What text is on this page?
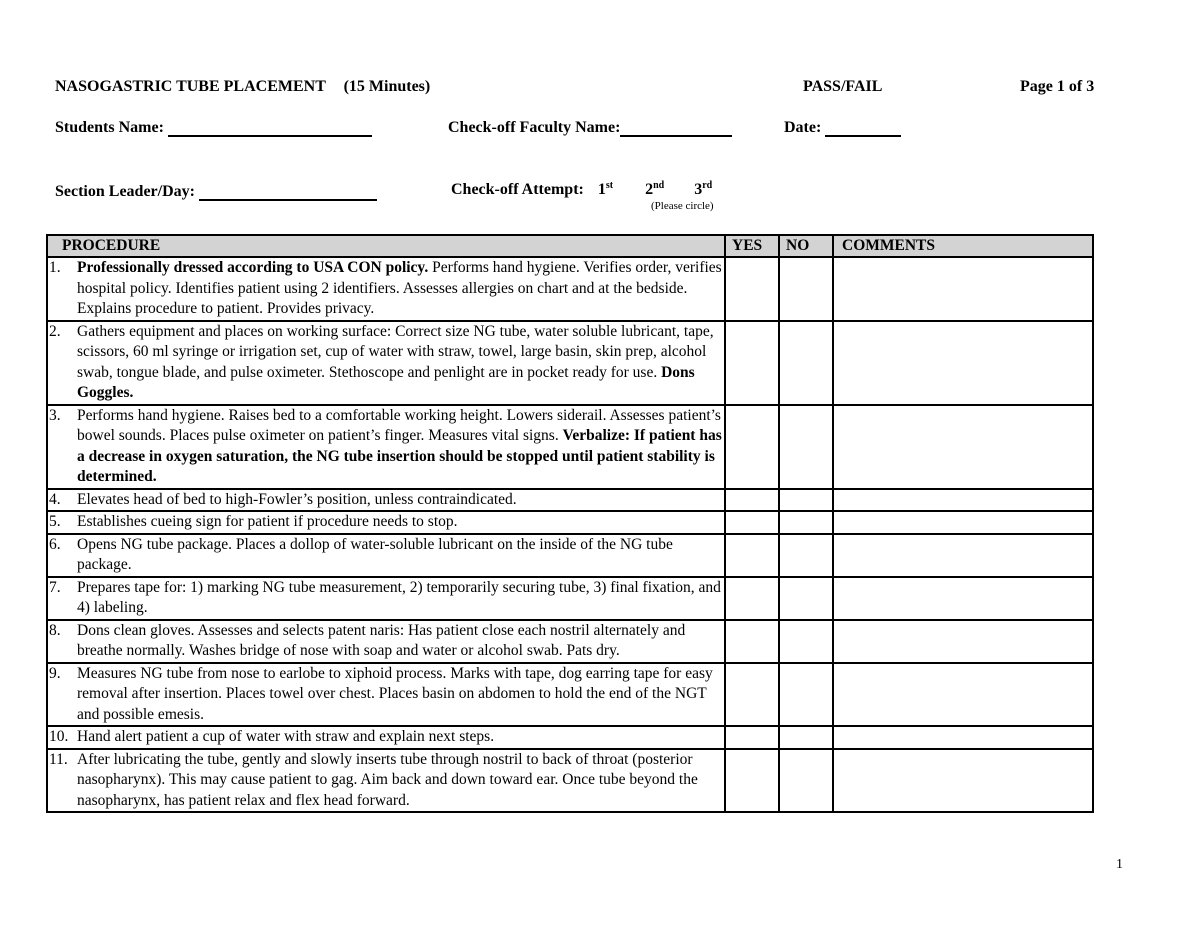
NASOGASTRIC TUBE PLACEMENT (15 Minutes)	PASS/FAIL	Page 1 of 3
Students Name:	Check-off Faculty Name:	Date:
Section Leader/Day:	Check-off Attempt: 1st 2nd 3rd
(Please circle)
PROCEDURE	YES	NO	COMMENTS

1. Professionally dressed according to USA CON policy. Performs hand hygiene. Verifies order, verifies hospital policy. Identifies patient using 2 identifiers. Assesses allergies on chart and at the bedside. Explains procedure to patient. Provides privacy.			

2. Gathers equipment and places on working surface: Correct size NG tube, water soluble lubricant, tape, scissors, 60 ml syringe or irrigation set, cup of water with straw, towel, large basin, skin prep, alcohol swab, tongue blade, and pulse oximeter. Stethoscope and penlight are in pocket ready for use. Dons Goggles.			

3. Performs hand hygiene. Raises bed to a comfortable working height. Lowers siderail. Assesses patient’s bowel sounds. Places pulse oximeter on patient’s finger. Measures vital signs. Verbalize: If patient has a decrease in oxygen saturation, the NG tube insertion should be stopped until patient stability is determined.			

4. Elevates head of bed to high-Fowler’s position, unless contraindicated.			

5. Establishes cueing sign for patient if procedure needs to stop.			

6. Opens NG tube package. Places a dollop of water-soluble lubricant on the inside of the NG tube package.			

7. Prepares tape for: 1) marking NG tube measurement, 2) temporarily securing tube, 3) final fixation, and 4) labeling.			

8. Dons clean gloves. Assesses and selects patent naris: Has patient close each nostril alternately and breathe normally. Washes bridge of nose with soap and water or alcohol swab. Pats dry.			

9. Measures NG tube from nose to earlobe to xiphoid process. Marks with tape, dog earring tape for easy removal after insertion. Places towel over chest. Places basin on abdomen to hold the end of the NGT and possible emesis.			

10. Hand alert patient a cup of water with straw and explain next steps.			

11. After lubricating the tube, gently and slowly inserts tube through nostril to back of throat (posterior nasopharynx). This may cause patient to gag. Aim back and down toward ear. Once tube beyond the nasopharynx, has patient relax and flex head forward.			

1
